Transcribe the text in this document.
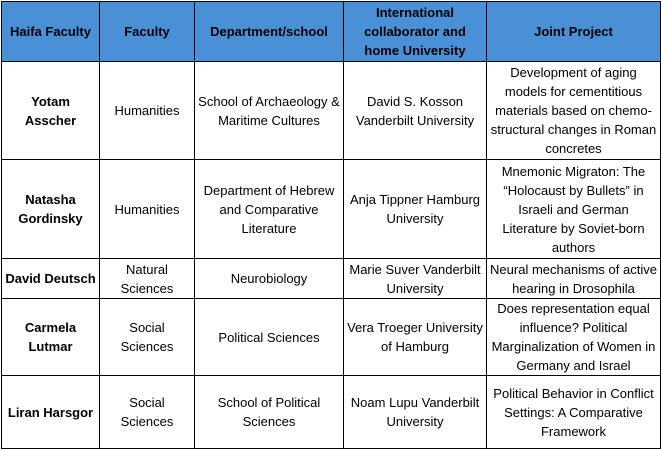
Haifa Faculty	Faculty	Department/school	International collaborator and home University	Joint Project
Yotam Asscher	Humanities	School of Archaeology & Maritime Cultures	David S. Kosson Vanderbilt University	Development of aging models for cementitious materials based on chemo-structural changes in Roman concretes
Natasha Gordinsky	Humanities	Department of Hebrew and Comparative Literature	Anja Tippner Hamburg University	Mnemonic Migraton: The “Holocaust by Bullets” in Israeli and German Literature by Soviet-born authors
David Deutsch	Natural Sciences	Neurobiology	Marie Suver Vanderbilt University	Neural mechanisms of active hearing in Drosophila
Carmela Lutmar	Social Sciences	Political Sciences	Vera Troeger University of Hamburg	Does representation equal influence? Political Marginalization of Women in Germany and Israel
Liran Harsgor	Social Sciences	School of Political Sciences	Noam Lupu Vanderbilt University	Political Behavior in Conflict Settings: A Comparative Framework
